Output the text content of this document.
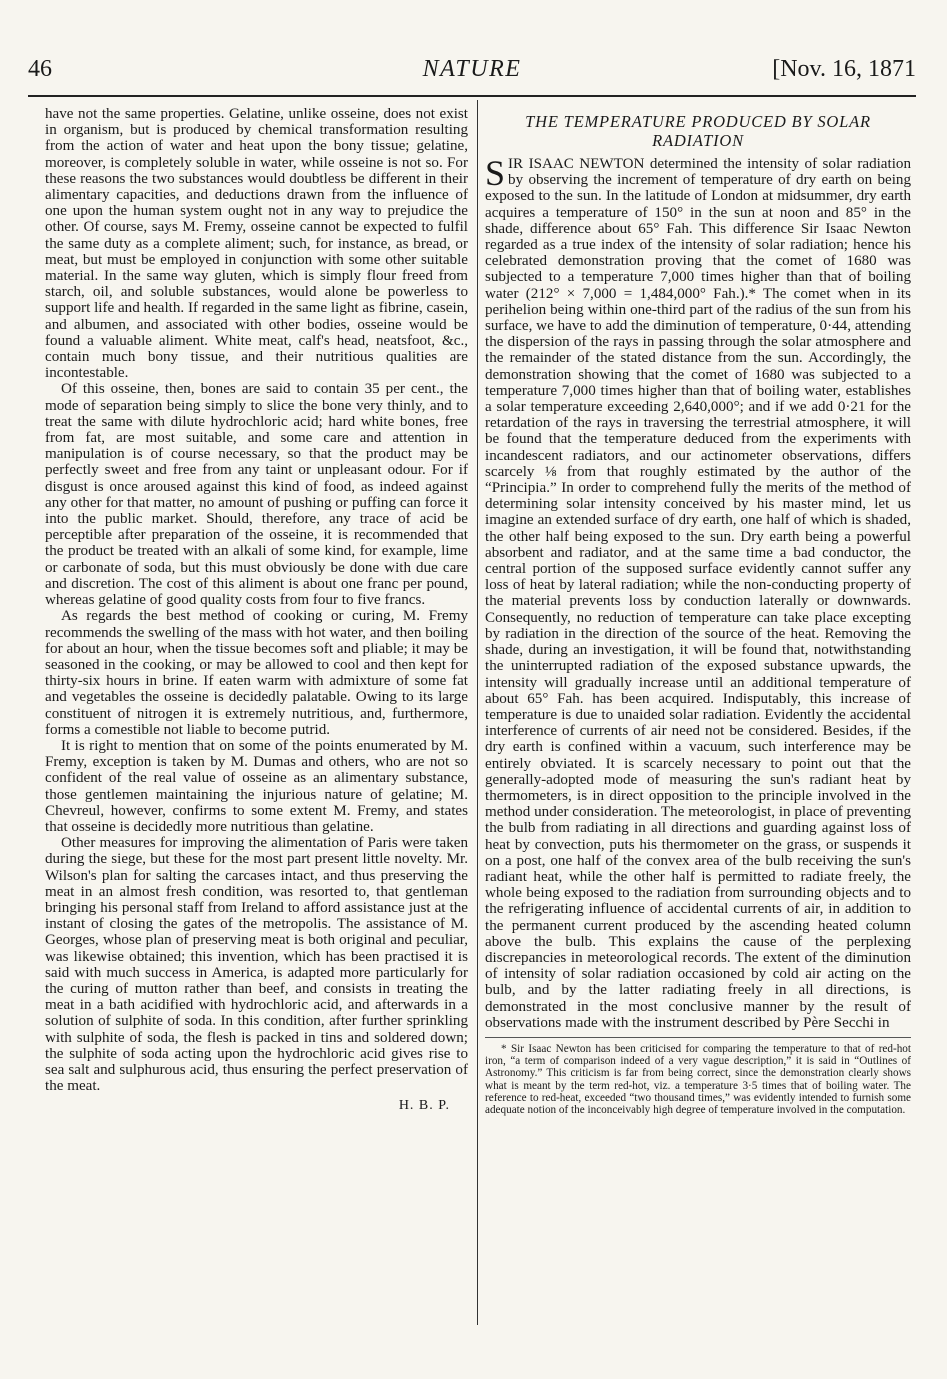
46	NATURE	[Nov. 16, 1871

have not the same properties. Gelatine, unlike osseine, does not exist in organism, but is produced by chemical transformation resulting from the action of water and heat upon the bony tissue; gelatine, moreover, is completely soluble in water, while osseine is not so. For these reasons the two substances would doubtless be different in their alimentary capacities, and deductions drawn from the influence of one upon the human system ought not in any way to prejudice the other. Of course, says M. Fremy, osseine cannot be expected to fulfil the same duty as a complete aliment; such, for instance, as bread, or meat, but must be employed in conjunction with some other suitable material. In the same way gluten, which is simply flour freed from starch, oil, and soluble substances, would alone be powerless to support life and health. If regarded in the same light as fibrine, casein, and albumen, and associated with other bodies, osseine would be found a valuable aliment. White meat, calf's head, neatsfoot, &c., contain much bony tissue, and their nutritious qualities are incontestable.

Of this osseine, then, bones are said to contain 35 per cent., the mode of separation being simply to slice the bone very thinly, and to treat the same with dilute hydrochloric acid; hard white bones, free from fat, are most suitable, and some care and attention in manipulation is of course necessary, so that the product may be perfectly sweet and free from any taint or unpleasant odour. For if disgust is once aroused against this kind of food, as indeed against any other for that matter, no amount of pushing or puffing can force it into the public market. Should, therefore, any trace of acid be perceptible after preparation of the osseine, it is recommended that the product be treated with an alkali of some kind, for example, lime or carbonate of soda, but this must obviously be done with due care and discretion. The cost of this aliment is about one franc per pound, whereas gelatine of good quality costs from four to five francs.

As regards the best method of cooking or curing, M. Fremy recommends the swelling of the mass with hot water, and then boiling for about an hour, when the tissue becomes soft and pliable; it may be seasoned in the cooking, or may be allowed to cool and then kept for thirty-six hours in brine. If eaten warm with admixture of some fat and vegetables the osseine is decidedly palatable. Owing to its large constituent of nitrogen it is extremely nutritious, and, furthermore, forms a comestible not liable to become putrid.

It is right to mention that on some of the points enumerated by M. Fremy, exception is taken by M. Dumas and others, who are not so confident of the real value of osseine as an alimentary substance, those gentlemen maintaining the injurious nature of gelatine; M. Chevreul, however, confirms to some extent M. Fremy, and states that osseine is decidedly more nutritious than gelatine.

Other measures for improving the alimentation of Paris were taken during the siege, but these for the most part present little novelty. Mr. Wilson's plan for salting the carcases intact, and thus preserving the meat in an almost fresh condition, was resorted to, that gentleman bringing his personal staff from Ireland to afford assistance just at the instant of closing the gates of the metropolis. The assistance of M. Georges, whose plan of preserving meat is both original and peculiar, was likewise obtained; this invention, which has been practised it is said with much success in America, is adapted more particularly for the curing of mutton rather than beef, and consists in treating the meat in a bath acidified with hydrochloric acid, and afterwards in a solution of sulphite of soda. In this condition, after further sprinkling with sulphite of soda, the flesh is packed in tins and soldered down; the sulphite of soda acting upon the hydrochloric acid gives rise to sea salt and sulphurous acid, thus ensuring the perfect preservation of the meat.

H. B. P.
THE TEMPERATURE PRODUCED BY SOLAR RADIATION

SIR ISAAC NEWTON determined the intensity of solar radiation by observing the increment of temperature of dry earth on being exposed to the sun. In the latitude of London at midsummer, dry earth acquires a temperature of 150° in the sun at noon and 85° in the shade, difference about 65° Fah. This difference Sir Isaac Newton regarded as a true index of the intensity of solar radiation; hence his celebrated demonstration proving that the comet of 1680 was subjected to a temperature 7,000 times higher than that of boiling water (212° × 7,000 = 1,484,000° Fah.).* The comet when in its perihelion being within one-third part of the radius of the sun from his surface, we have to add the diminution of temperature, 0·44, attending the dispersion of the rays in passing through the solar atmosphere and the remainder of the stated distance from the sun. Accordingly, the demonstration showing that the comet of 1680 was subjected to a temperature 7,000 times higher than that of boiling water, establishes a solar temperature exceeding 2,640,000°; and if we add 0·21 for the retardation of the rays in traversing the terrestrial atmosphere, it will be found that the temperature deduced from the experiments with incandescent radiators, and our actinometer observations, differs scarcely ⅛ from that roughly estimated by the author of the “Principia.” In order to comprehend fully the merits of the method of determining solar intensity conceived by his master mind, let us imagine an extended surface of dry earth, one half of which is shaded, the other half being exposed to the sun. Dry earth being a powerful absorbent and radiator, and at the same time a bad conductor, the central portion of the supposed surface evidently cannot suffer any loss of heat by lateral radiation; while the non-conducting property of the material prevents loss by conduction laterally or downwards. Consequently, no reduction of temperature can take place excepting by radiation in the direction of the source of the heat. Removing the shade, during an investigation, it will be found that, notwithstanding the uninterrupted radiation of the exposed substance upwards, the intensity will gradually increase until an additional temperature of about 65° Fah. has been acquired. Indisputably, this increase of temperature is due to unaided solar radiation. Evidently the accidental interference of currents of air need not be considered. Besides, if the dry earth is confined within a vacuum, such interference may be entirely obviated. It is scarcely necessary to point out that the generally-adopted mode of measuring the sun's radiant heat by thermometers, is in direct opposition to the principle involved in the method under consideration. The meteorologist, in place of preventing the bulb from radiating in all directions and guarding against loss of heat by convection, puts his thermometer on the grass, or suspends it on a post, one half of the convex area of the bulb receiving the sun's radiant heat, while the other half is permitted to radiate freely, the whole being exposed to the radiation from surrounding objects and to the refrigerating influence of accidental currents of air, in addition to the permanent current produced by the ascending heated column above the bulb. This explains the cause of the perplexing discrepancies in meteorological records. The extent of the diminution of intensity of solar radiation occasioned by cold air acting on the bulb, and by the latter radiating freely in all directions, is demonstrated in the most conclusive manner by the result of observations made with the instrument described by Père Secchi in

* Sir Isaac Newton has been criticised for comparing the temperature to that of red-hot iron, “a term of comparison indeed of a very vague description,” it is said in “Outlines of Astronomy.” This criticism is far from being correct, since the demonstration clearly shows what is meant by the term red-hot, viz. a temperature 3·5 times that of boiling water. The reference to red-heat, exceeded “two thousand times,” was evidently intended to furnish some adequate notion of the inconceivably high degree of temperature involved in the computation.
